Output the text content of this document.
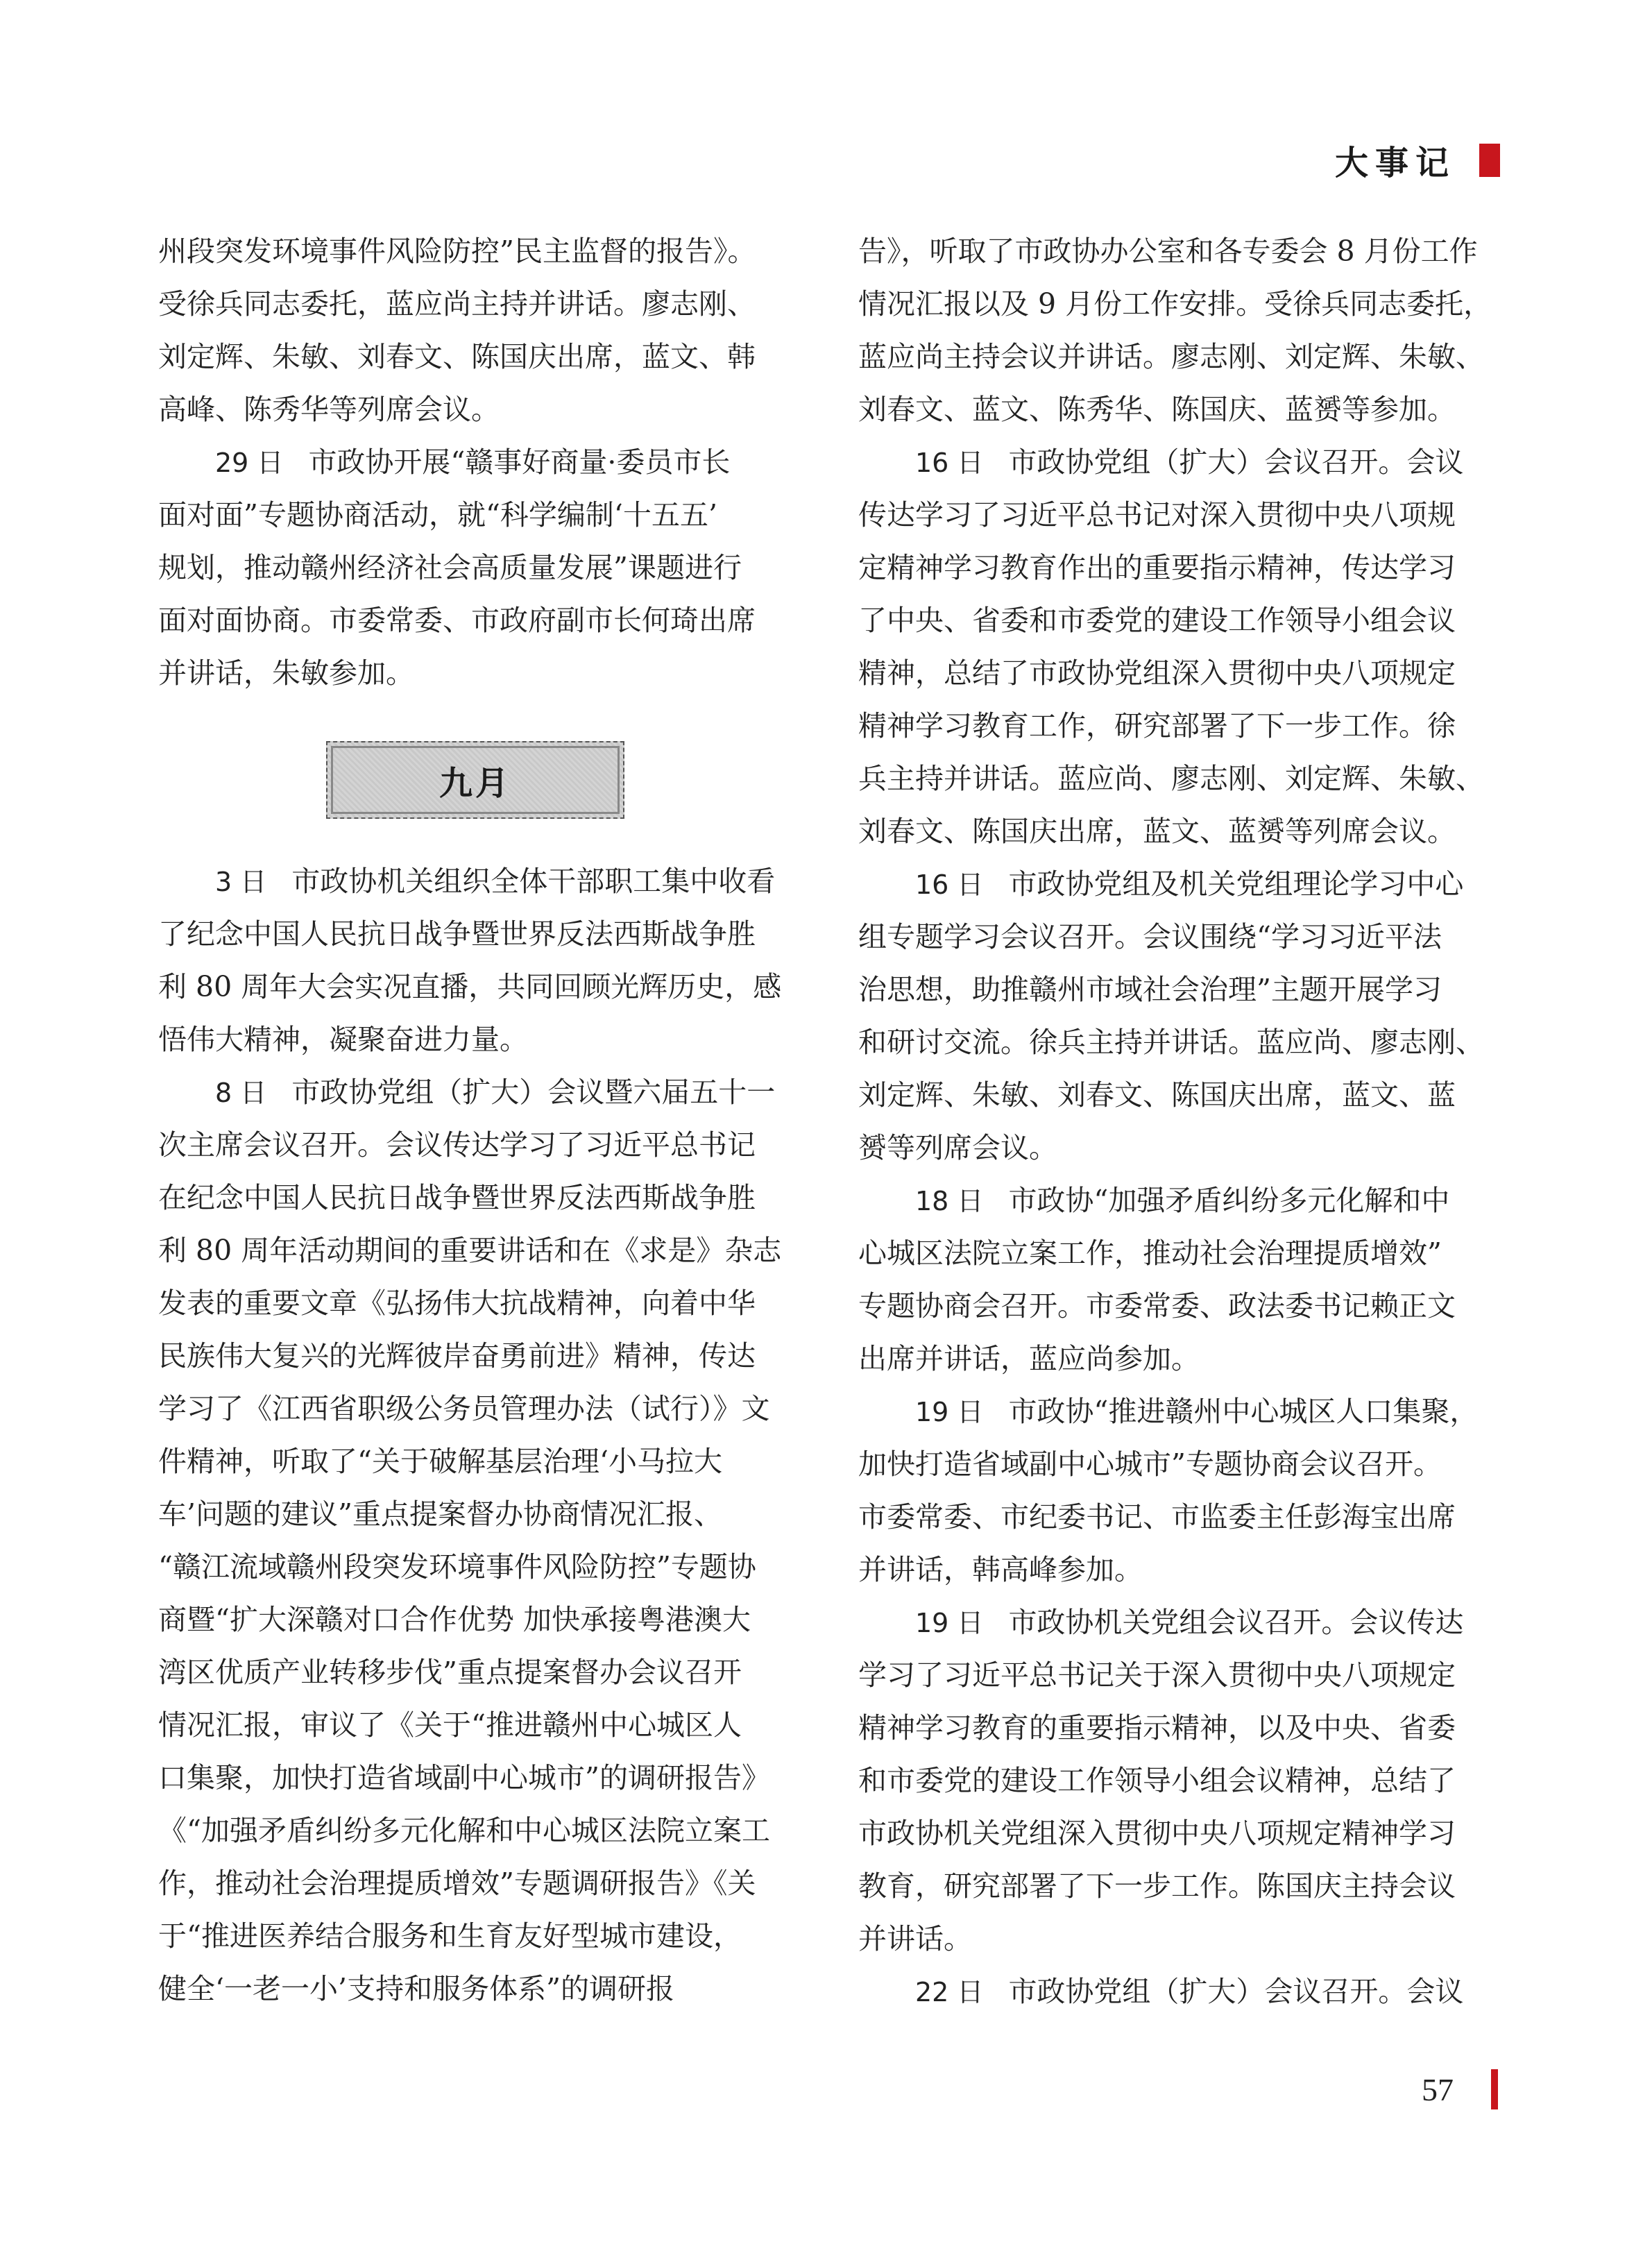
大事记
州段突发环境事件风险防控”民主监督的报告》。
受徐兵同志委托，蓝应尚主持并讲话。廖志刚、
刘定辉、朱敏、刘春文、陈国庆出席，蓝文、韩
高峰、陈秀华等列席会议。
29 日 市政协开展“赣事好商量·委员市长
面对面”专题协商活动，就“科学编制‘十五五’
规划，推动赣州经济社会高质量发展”课题进行
面对面协商。市委常委、市政府副市长何琦出席
并讲话，朱敏参加。
九月
3 日 市政协机关组织全体干部职工集中收看
了纪念中国人民抗日战争暨世界反法西斯战争胜
利 80 周年大会实况直播，共同回顾光辉历史，感
悟伟大精神，凝聚奋进力量。
8 日 市政协党组（扩大）会议暨六届五十一
次主席会议召开。会议传达学习了习近平总书记
在纪念中国人民抗日战争暨世界反法西斯战争胜
利 80 周年活动期间的重要讲话和在《求是》杂志
发表的重要文章《弘扬伟大抗战精神，向着中华
民族伟大复兴的光辉彼岸奋勇前进》精神，传达
学习了《江西省职级公务员管理办法（试行）》文
件精神，听取了“关于破解基层治理‘小马拉大
车’问题的建议”重点提案督办协商情况汇报、
“赣江流域赣州段突发环境事件风险防控”专题协
商暨“扩大深赣对口合作优势 加快承接粤港澳大
湾区优质产业转移步伐”重点提案督办会议召开
情况汇报，审议了《关于“推进赣州中心城区人
口集聚，加快打造省域副中心城市”的调研报告》
《“加强矛盾纠纷多元化解和中心城区法院立案工
作，推动社会治理提质增效”专题调研报告》《关
于“推进医养结合服务和生育友好型城市建设，
健全‘一老一小’支持和服务体系”的调研报
告》，听取了市政协办公室和各专委会 8 月份工作
情况汇报以及 9 月份工作安排。受徐兵同志委托，
蓝应尚主持会议并讲话。廖志刚、刘定辉、朱敏、
刘春文、蓝文、陈秀华、陈国庆、蓝赟等参加。
16 日 市政协党组（扩大）会议召开。会议
传达学习了习近平总书记对深入贯彻中央八项规
定精神学习教育作出的重要指示精神，传达学习
了中央、省委和市委党的建设工作领导小组会议
精神，总结了市政协党组深入贯彻中央八项规定
精神学习教育工作，研究部署了下一步工作。徐
兵主持并讲话。蓝应尚、廖志刚、刘定辉、朱敏、
刘春文、陈国庆出席，蓝文、蓝赟等列席会议。
16 日 市政协党组及机关党组理论学习中心
组专题学习会议召开。会议围绕“学习习近平法
治思想，助推赣州市域社会治理”主题开展学习
和研讨交流。徐兵主持并讲话。蓝应尚、廖志刚、
刘定辉、朱敏、刘春文、陈国庆出席，蓝文、蓝
赟等列席会议。
18 日 市政协“加强矛盾纠纷多元化解和中
心城区法院立案工作，推动社会治理提质增效”
专题协商会召开。市委常委、政法委书记赖正文
出席并讲话，蓝应尚参加。
19 日 市政协“推进赣州中心城区人口集聚，
加快打造省域副中心城市”专题协商会议召开。
市委常委、市纪委书记、市监委主任彭海宝出席
并讲话，韩高峰参加。
19 日 市政协机关党组会议召开。会议传达
学习了习近平总书记关于深入贯彻中央八项规定
精神学习教育的重要指示精神，以及中央、省委
和市委党的建设工作领导小组会议精神，总结了
市政协机关党组深入贯彻中央八项规定精神学习
教育，研究部署了下一步工作。陈国庆主持会议
并讲话。
22 日 市政协党组（扩大）会议召开。会议
57
